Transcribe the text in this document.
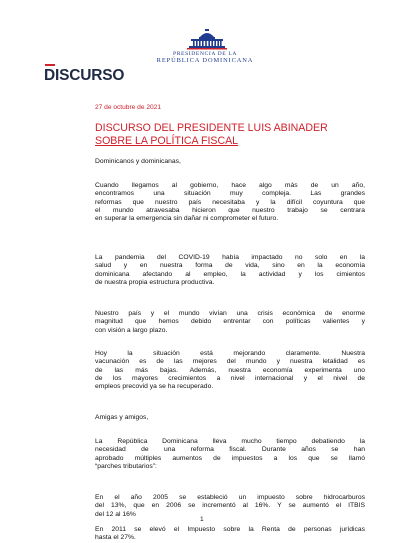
PRESIDENCIA DE LA
REPÚBLICA DOMINICANA
DISCURSO
27 de octubre de 2021
DISCURSO DEL PRESIDENTE LUIS ABINADER
SOBRE LA POLÍTICA FISCAL

Dominicanos y dominicanas,

Cuando llegamos al gobierno, hace algo más de un año,
encontramos una situación muy compleja. Las grandes
reformas que nuestro país necesitaba y la difícil coyuntura que
el mundo atravesaba hicieron que nuestro trabajo se centrara
en superar la emergencia sin dañar ni comprometer el futuro.

La pandemia del COVID-19 había impactado no solo en la
salud y en nuestra forma de vida, sino en la economía
dominicana afectando al empleo, la actividad y los cimientos
de nuestra propia estructura productiva.

Nuestro país y el mundo vivían una crisis económica de enorme
magnitud que hemos debido entrentar con políticas valientes y
con visión a largo plazo.

Hoy la situación está mejorando claramente. Nuestra
vacunación es de las mejores del mundo y nuestra letalidad es
de las más bajas. Además, nuestra economía experimenta uno
de los mayores crecimientos a nivel internacional y el nivel de
empleos precovid ya se ha recuperado.

Amigas y amigos,

La República Dominicana lleva mucho tiempo debatiendo la
necesidad de una reforma fiscal. Durante años se han
aprobado múltiples aumentos de impuestos a los que se llamó
“parches tributarios”:

En el año 2005 se estableció un impuesto sobre hidrocarburos
del 13%, que en 2006 se incrementó al 16%. Y se aumentó el ITBIS
del 12 al 16%

En 2011 se elevó el Impuesto sobre la Renta de personas jurídicas
hasta el 27%.

1
